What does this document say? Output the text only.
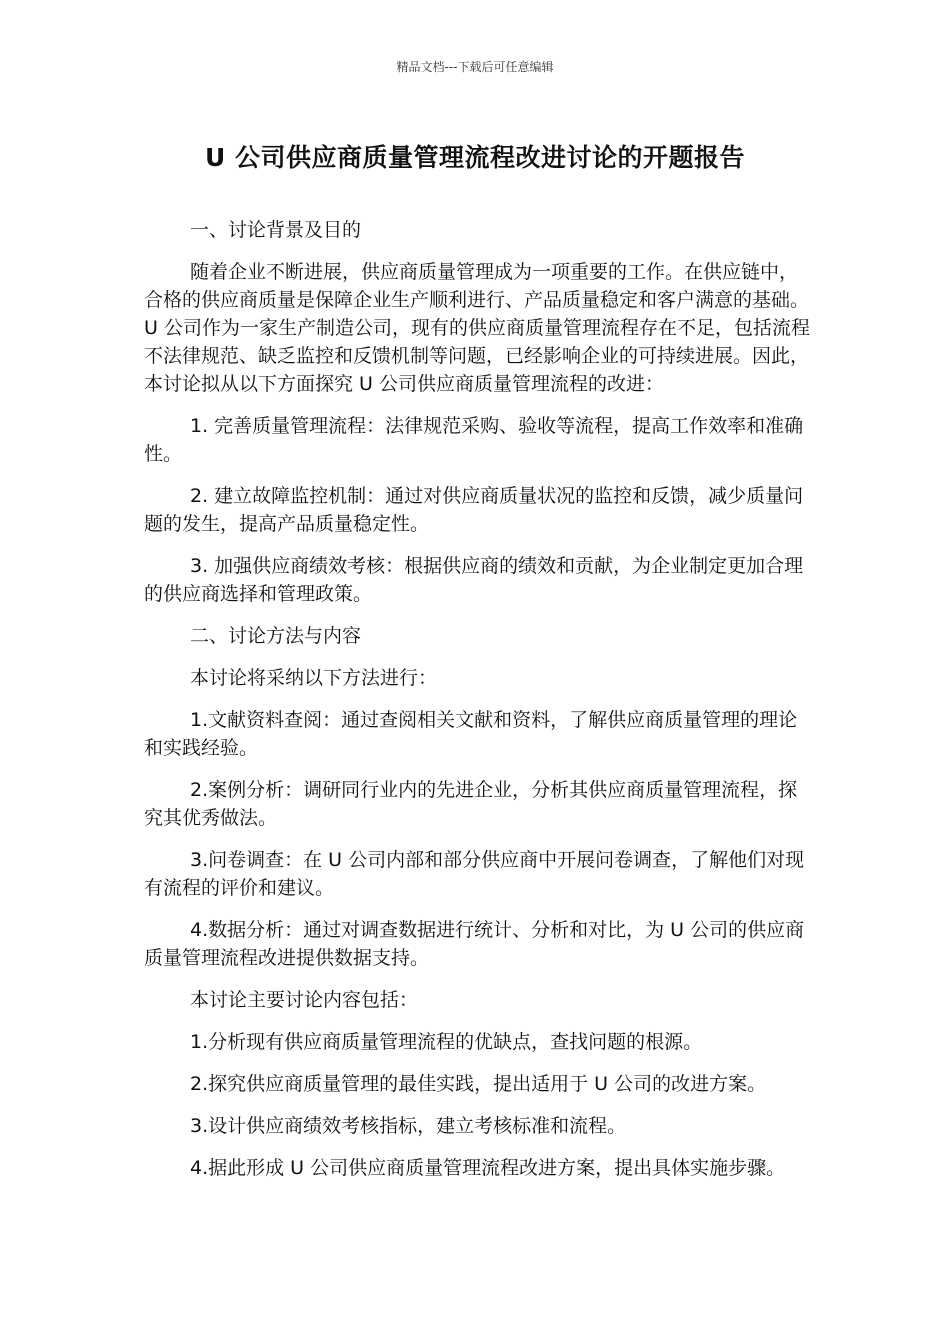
精品文档---下载后可任意编辑
U 公司供应商质量管理流程改进讨论的开题报告

一、讨论背景及目的

随着企业不断进展，供应商质量管理成为一项重要的工作。在供应链中，合格的供应商质量是保障企业生产顺利进行、产品质量稳定和客户满意的基础。U 公司作为一家生产制造公司，现有的供应商质量管理流程存在不足，包括流程不法律规范、缺乏监控和反馈机制等问题，已经影响企业的可持续进展。因此，本讨论拟从以下方面探究 U 公司供应商质量管理流程的改进：

1. 完善质量管理流程：法律规范采购、验收等流程，提高工作效率和准确性。

2. 建立故障监控机制：通过对供应商质量状况的监控和反馈，减少质量问题的发生，提高产品质量稳定性。

3. 加强供应商绩效考核：根据供应商的绩效和贡献，为企业制定更加合理的供应商选择和管理政策。

二、讨论方法与内容

本讨论将采纳以下方法进行：

1.文献资料查阅：通过查阅相关文献和资料，了解供应商质量管理的理论和实践经验。

2.案例分析：调研同行业内的先进企业，分析其供应商质量管理流程，探究其优秀做法。

3.问卷调查：在 U 公司内部和部分供应商中开展问卷调查，了解他们对现有流程的评价和建议。

4.数据分析：通过对调查数据进行统计、分析和对比，为 U 公司的供应商质量管理流程改进提供数据支持。

本讨论主要讨论内容包括：

1.分析现有供应商质量管理流程的优缺点，查找问题的根源。

2.探究供应商质量管理的最佳实践，提出适用于 U 公司的改进方案。

3.设计供应商绩效考核指标，建立考核标准和流程。

4.据此形成 U 公司供应商质量管理流程改进方案，提出具体实施步骤。
